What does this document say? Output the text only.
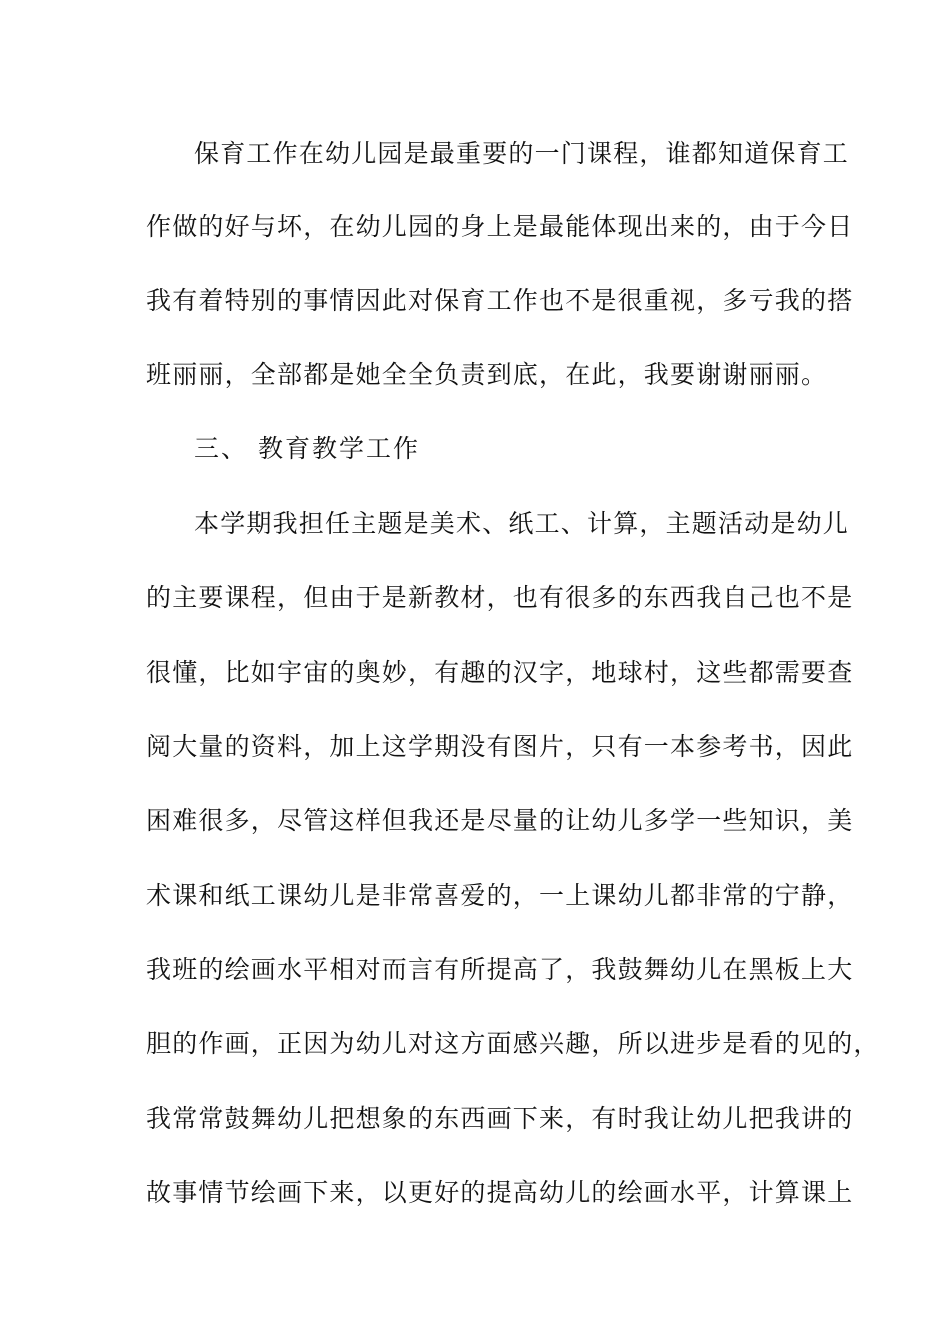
保育工作在幼儿园是最重要的一门课程，谁都知道保育工
作做的好与坏，在幼儿园的身上是最能体现出来的，由于今日
我有着特别的事情因此对保育工作也不是很重视，多亏我的搭
班丽丽，全部都是她全全负责到底，在此，我要谢谢丽丽。
三、 教育教学工作
本学期我担任主题是美术、纸工、计算，主题活动是幼儿
的主要课程，但由于是新教材，也有很多的东西我自己也不是
很懂，比如宇宙的奥妙，有趣的汉字，地球村，这些都需要查
阅大量的资料，加上这学期没有图片，只有一本参考书，因此
困难很多，尽管这样但我还是尽量的让幼儿多学一些知识，美
术课和纸工课幼儿是非常喜爱的，一上课幼儿都非常的宁静，
我班的绘画水平相对而言有所提高了，我鼓舞幼儿在黑板上大
胆的作画，正因为幼儿对这方面感兴趣，所以进步是看的见的，
我常常鼓舞幼儿把想象的东西画下来，有时我让幼儿把我讲的
故事情节绘画下来，以更好的提高幼儿的绘画水平，计算课上
